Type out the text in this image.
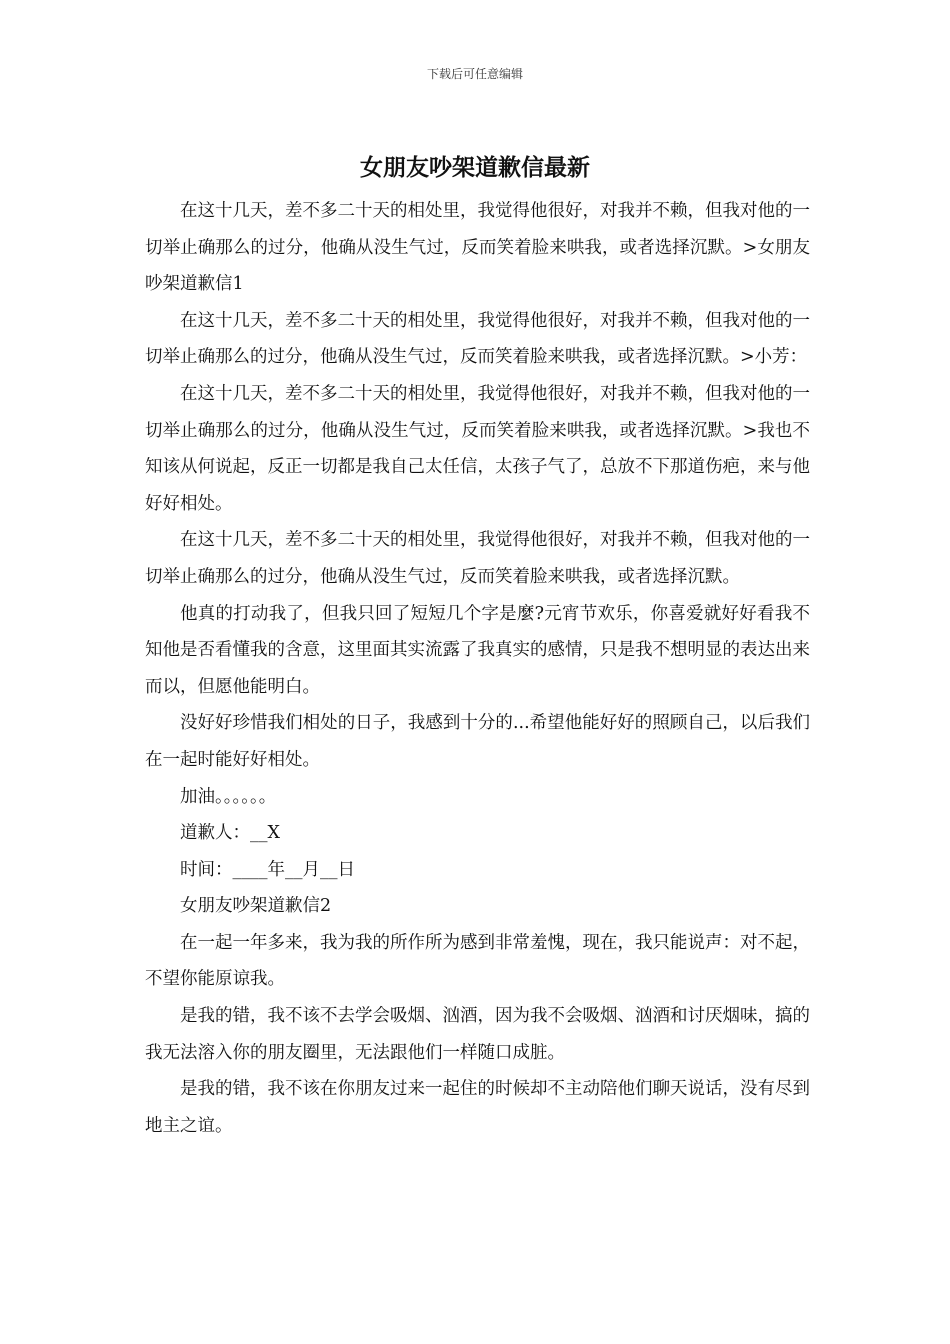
下载后可任意编辑
女朋友吵架道歉信最新

在这十几天，差不多二十天的相处里，我觉得他很好，对我并不赖，但我对他的一切举止确那么的过分，他确从没生气过，反而笑着脸来哄我，或者选择沉默。>女朋友吵架道歉信1

在这十几天，差不多二十天的相处里，我觉得他很好，对我并不赖，但我对他的一切举止确那么的过分，他确从没生气过，反而笑着脸来哄我，或者选择沉默。>小芳：

在这十几天，差不多二十天的相处里，我觉得他很好，对我并不赖，但我对他的一切举止确那么的过分，他确从没生气过，反而笑着脸来哄我，或者选择沉默。>我也不知该从何说起，反正一切都是我自己太任信，太孩子气了，总放不下那道伤疤，来与他好好相处。

在这十几天，差不多二十天的相处里，我觉得他很好，对我并不赖，但我对他的一切举止确那么的过分，他确从没生气过，反而笑着脸来哄我，或者选择沉默。

他真的打动我了，但我只回了短短几个字是麼?元宵节欢乐，你喜爱就好好看我不知他是否看懂我的含意，这里面其实流露了我真实的感情，只是我不想明显的表达出来而以，但愿他能明白。

没好好珍惜我们相处的日子，我感到十分的...希望他能好好的照顾自己，以后我们在一起时能好好相处。

加油。。。。。。

道歉人：__X

时间：____年__月__日

女朋友吵架道歉信2

在一起一年多来，我为我的所作所为感到非常羞愧，现在，我只能说声：对不起，不望你能原谅我。

是我的错，我不该不去学会吸烟、汹酒，因为我不会吸烟、汹酒和讨厌烟味，搞的我无法溶入你的朋友圈里，无法跟他们一样随口成脏。

是我的错，我不该在你朋友过来一起住的时候却不主动陪他们聊天说话，没有尽到地主之谊。
